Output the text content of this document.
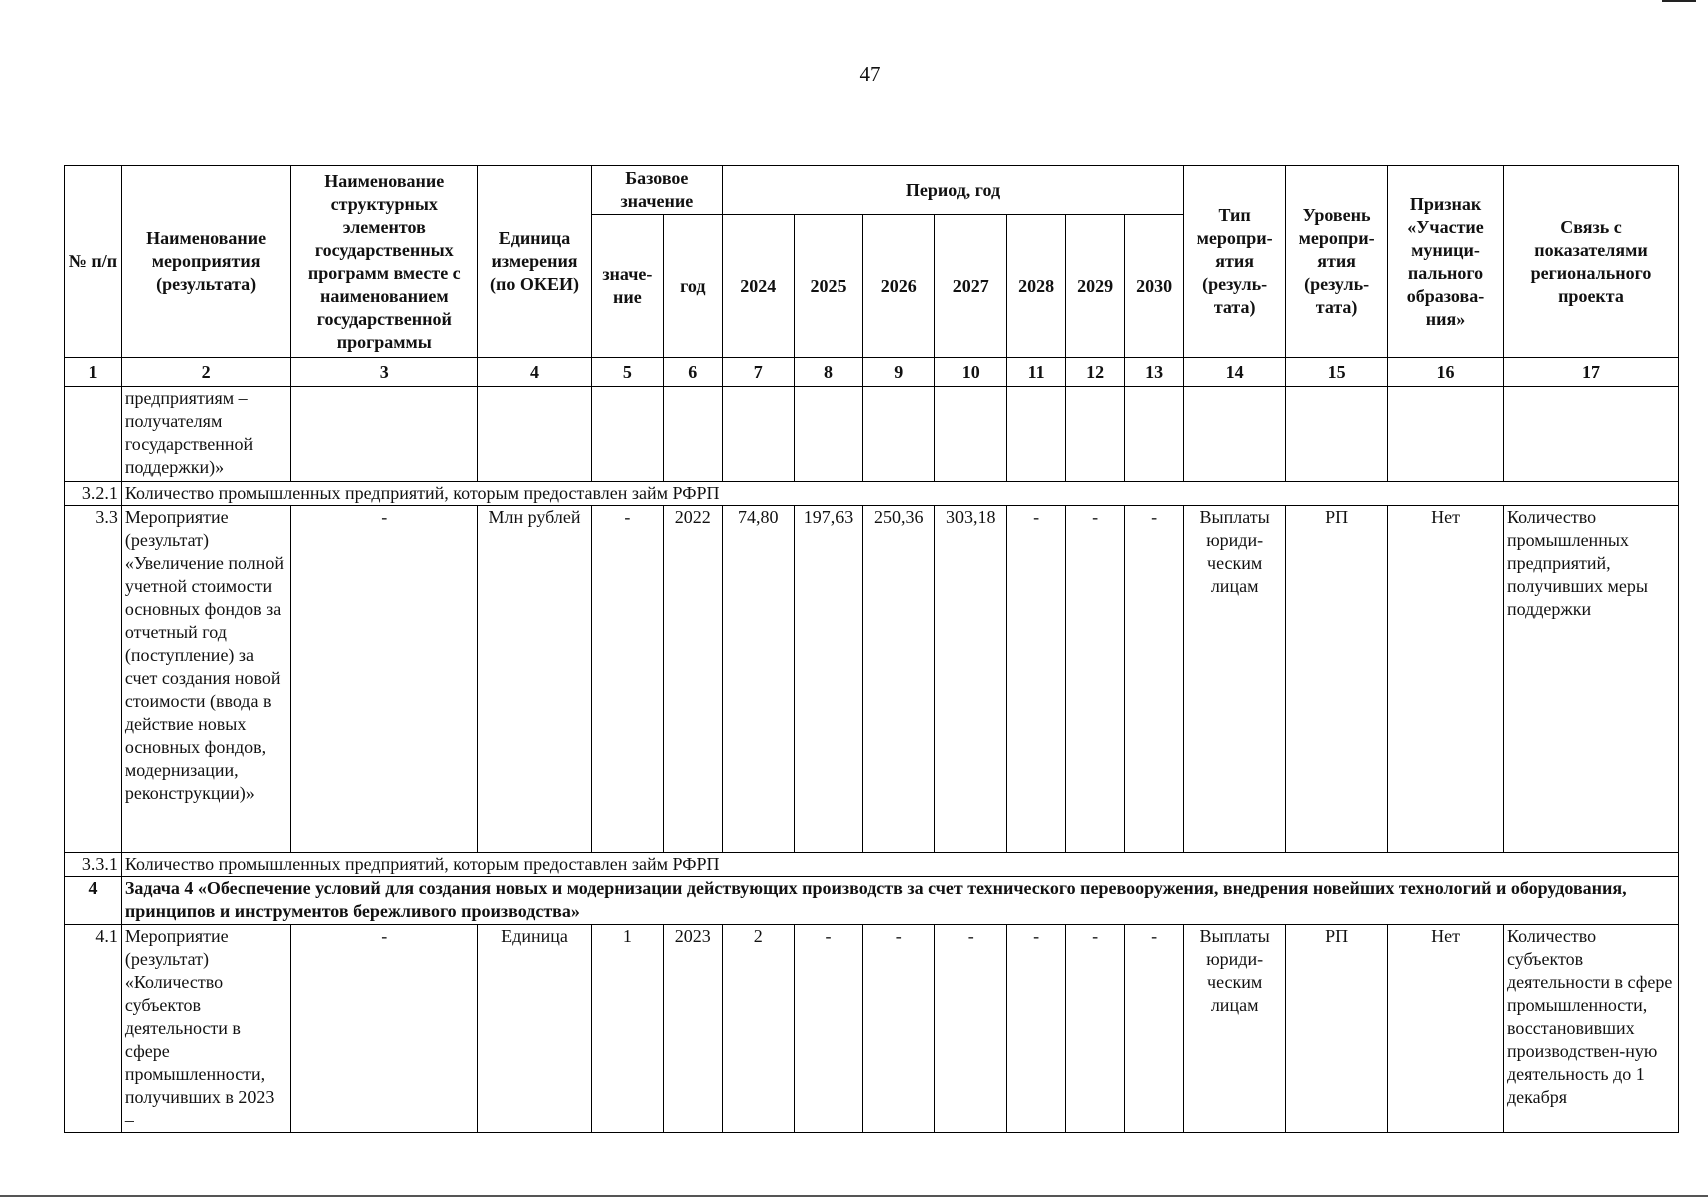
47
№ п/п	Наименование мероприятия (результата)	Наименование структурных элементов государственных программ вместе с наименованием государственной программы	Единица измерения (по ОКЕИ)	Базовое значение		Период, год							Тип меропри-ятия (резуль-тата)	Уровень меропри-ятия (резуль-тата)	Признак «Участие муници-пального образова-ния»	Связь с показателями регионального проекта
				значе-ние	год	2024	2025	2026	2027	2028	2029	2030				
1	2	3	4	5	6	7	8	9	10	11	12	13	14	15	16	17
	предприятиям – получателям государственной поддержки)»															
3.2.1	Количество промышленных предприятий, которым предоставлен займ РФРП															
3.3	Мероприятие (результат) «Увеличение полной учетной стоимости основных фондов за отчетный год (поступление) за счет создания новой стоимости (ввода в действие новых основных фондов, модернизации, реконструкции)»	-	Млн рублей	-	2022	74,80	197,63	250,36	303,18	-	-	-	Выплаты юриди-ческим лицам	РП	Нет	Количество промышленных предприятий, получивших меры поддержки
3.3.1	Количество промышленных предприятий, которым предоставлен займ РФРП															
4	Задача 4 «Обеспечение условий для создания новых и модернизации действующих производств за счет технического перевооружения, внедрения новейших технологий и оборудования, принципов и инструментов бережливого производства»															
4.1	Мероприятие (результат) «Количество субъектов деятельности в сфере промышленности, получивших в 2023 –	-	Единица	1	2023	2	-	-	-	-	-	-	Выплаты юриди-ческим лицам	РП	Нет	Количество субъектов деятельности в сфере промышленности, восстановивших производствен-ную деятельность до 1 декабря
